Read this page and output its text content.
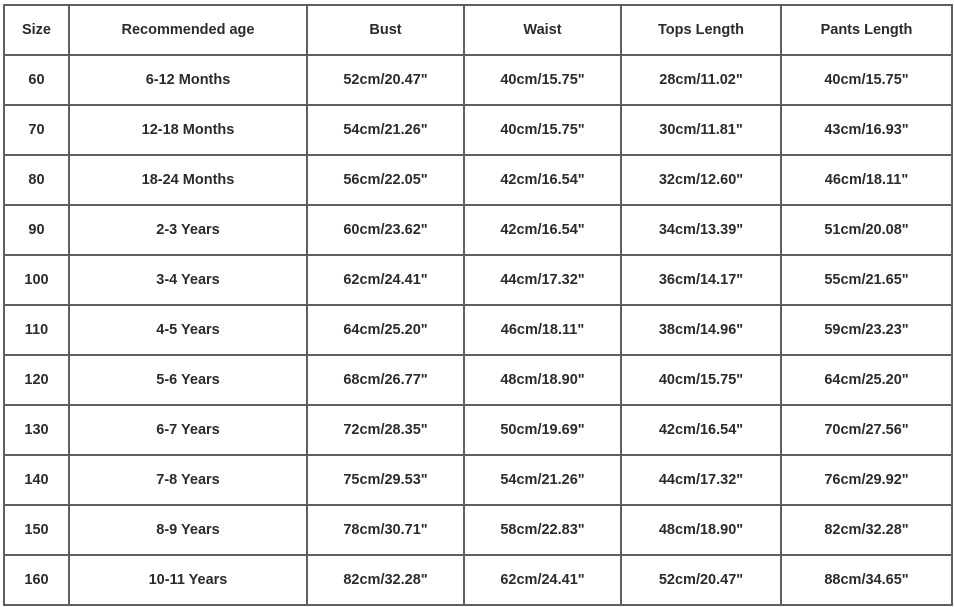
Size	Recommended age	Bust	Waist	Tops Length	Pants Length
60	6-12 Months	52cm/20.47"	40cm/15.75"	28cm/11.02"	40cm/15.75"
70	12-18 Months	54cm/21.26"	40cm/15.75"	30cm/11.81"	43cm/16.93"
80	18-24 Months	56cm/22.05"	42cm/16.54"	32cm/12.60"	46cm/18.11"
90	2-3 Years	60cm/23.62"	42cm/16.54"	34cm/13.39"	51cm/20.08"
100	3-4 Years	62cm/24.41"	44cm/17.32"	36cm/14.17"	55cm/21.65"
110	4-5 Years	64cm/25.20"	46cm/18.11"	38cm/14.96"	59cm/23.23"
120	5-6 Years	68cm/26.77"	48cm/18.90"	40cm/15.75"	64cm/25.20"
130	6-7 Years	72cm/28.35"	50cm/19.69"	42cm/16.54"	70cm/27.56"
140	7-8 Years	75cm/29.53"	54cm/21.26"	44cm/17.32"	76cm/29.92"
150	8-9 Years	78cm/30.71"	58cm/22.83"	48cm/18.90"	82cm/32.28"
160	10-11 Years	82cm/32.28"	62cm/24.41"	52cm/20.47"	88cm/34.65"
